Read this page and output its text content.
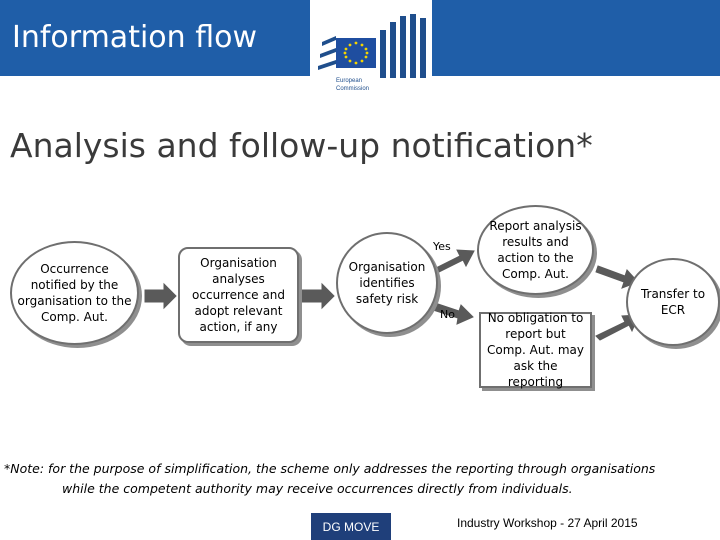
Information flow
European
Commission
Analysis and follow-up notification*
Occurrence notified by the organisation to the Comp. Aut.
Organisation analyses occurrence and adopt relevant action, if any
Organisation identifies safety risk
Yes
No
Report analysis results and action to the Comp. Aut.
No obligation to report but Comp. Aut. may ask the reporting
Transfer to ECR
*Note: for the purpose of simplification, the scheme only addresses the reporting through organisations
while the competent authority may receive occurrences directly from individuals.
DG MOVE	Industry Workshop - 27 April 2015
